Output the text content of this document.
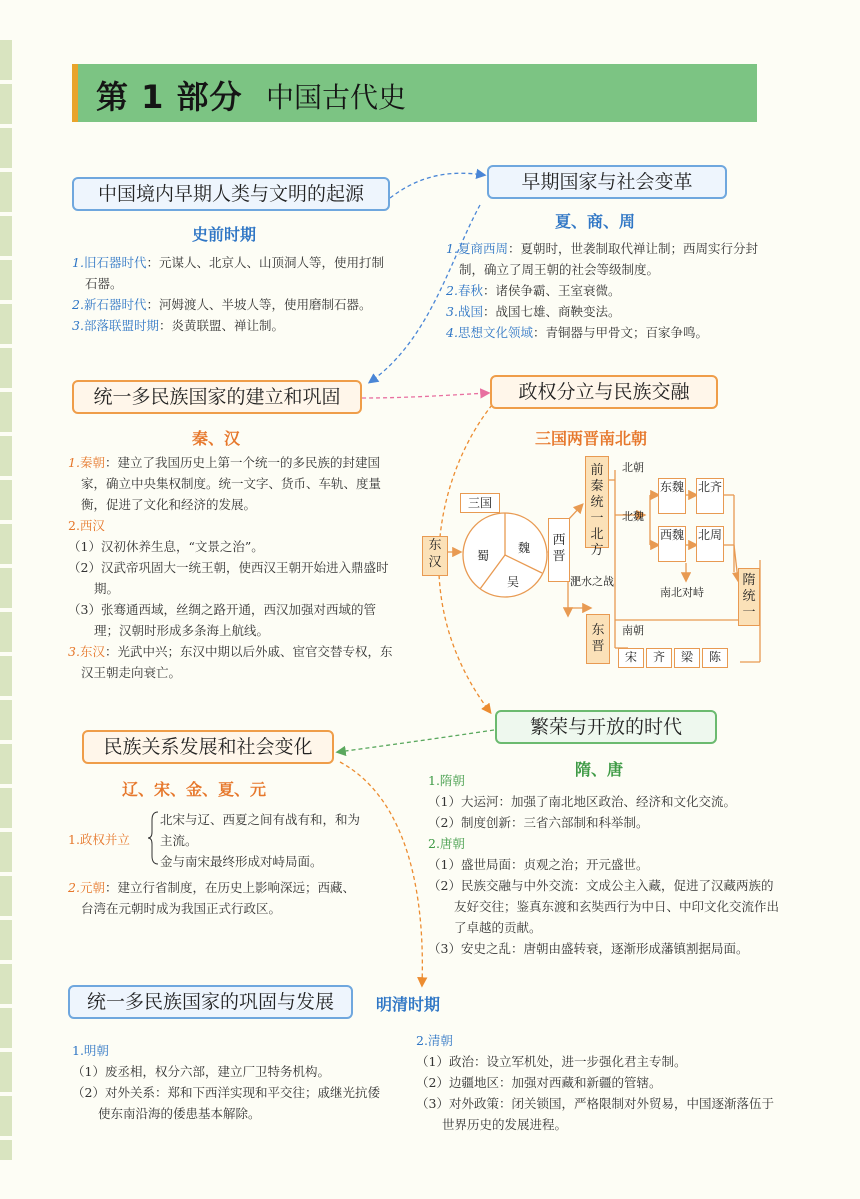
第 1 部分 中国古代史
中国境内早期人类与文明的起源
史前时期

1.旧石器时代：元谋人、北京人、山顶洞人等，使用打制石器。

2.新石器时代：河姆渡人、半坡人等，使用磨制石器。

3.部落联盟时期：炎黄联盟、禅让制。

早期国家与社会变革
夏、商、周

1.夏商西周：夏朝时，世袭制取代禅让制；西周实行分封制，确立了周王朝的社会等级制度。

2.春秋：诸侯争霸、王室衰微。

3.战国：战国七雄、商鞅变法。

4.思想文化领域：青铜器与甲骨文；百家争鸣。

统一多民族国家的建立和巩固
秦、汉

1.秦朝：建立了我国历史上第一个统一的多民族的封建国家，确立中央集权制度。统一文字、货币、车轨、度量衡，促进了文化和经济的发展。

2.西汉

（1）汉初休养生息，“文景之治”。

（2）汉武帝巩固大一统王朝，使西汉王朝开始进入鼎盛时期。

（3）张骞通西域，丝绸之路开通，西汉加强对西域的管理；汉朝时形成多条海上航线。

3.东汉：光武中兴；东汉中期以后外戚、宦官交替专权，东汉王朝走向衰亡。

政权分立与民族交融
三国两晋南北朝
三国
蜀
魏
吴
东汉
西晋
前秦统一北方
北朝
北魏
东魏
西魏
北齐
北周
南北对峙
隋统一
淝水之战
东晋
南朝
宋	齐	梁	陈
繁荣与开放的时代
隋、唐

1.隋朝

（1）大运河：加强了南北地区政治、经济和文化交流。

（2）制度创新：三省六部制和科举制。

2.唐朝

（1）盛世局面：贞观之治；开元盛世。

（2）民族交融与中外交流：文成公主入藏，促进了汉藏两族的友好交往；鉴真东渡和玄奘西行为中日、中印文化交流作出了卓越的贡献。

（3）安史之乱：唐朝由盛转衰，逐渐形成藩镇割据局面。

民族关系发展和社会变化
辽、宋、金、夏、元
1.政权并立

北宋与辽、西夏之间有战有和，和为主流。

金与南宋最终形成对峙局面。

2.元朝：建立行省制度，在历史上影响深远；西藏、台湾在元朝时成为我国正式行政区。

统一多民族国家的巩固与发展	明清时期

1.明朝

（1）废丞相，权分六部，建立厂卫特务机构。

（2）对外关系：郑和下西洋实现和平交往；戚继光抗倭使东南沿海的倭患基本解除。

2.清朝

（1）政治：设立军机处，进一步强化君主专制。

（2）边疆地区：加强对西藏和新疆的管辖。

（3）对外政策：闭关锁国，严格限制对外贸易，中国逐渐落伍于世界历史的发展进程。
